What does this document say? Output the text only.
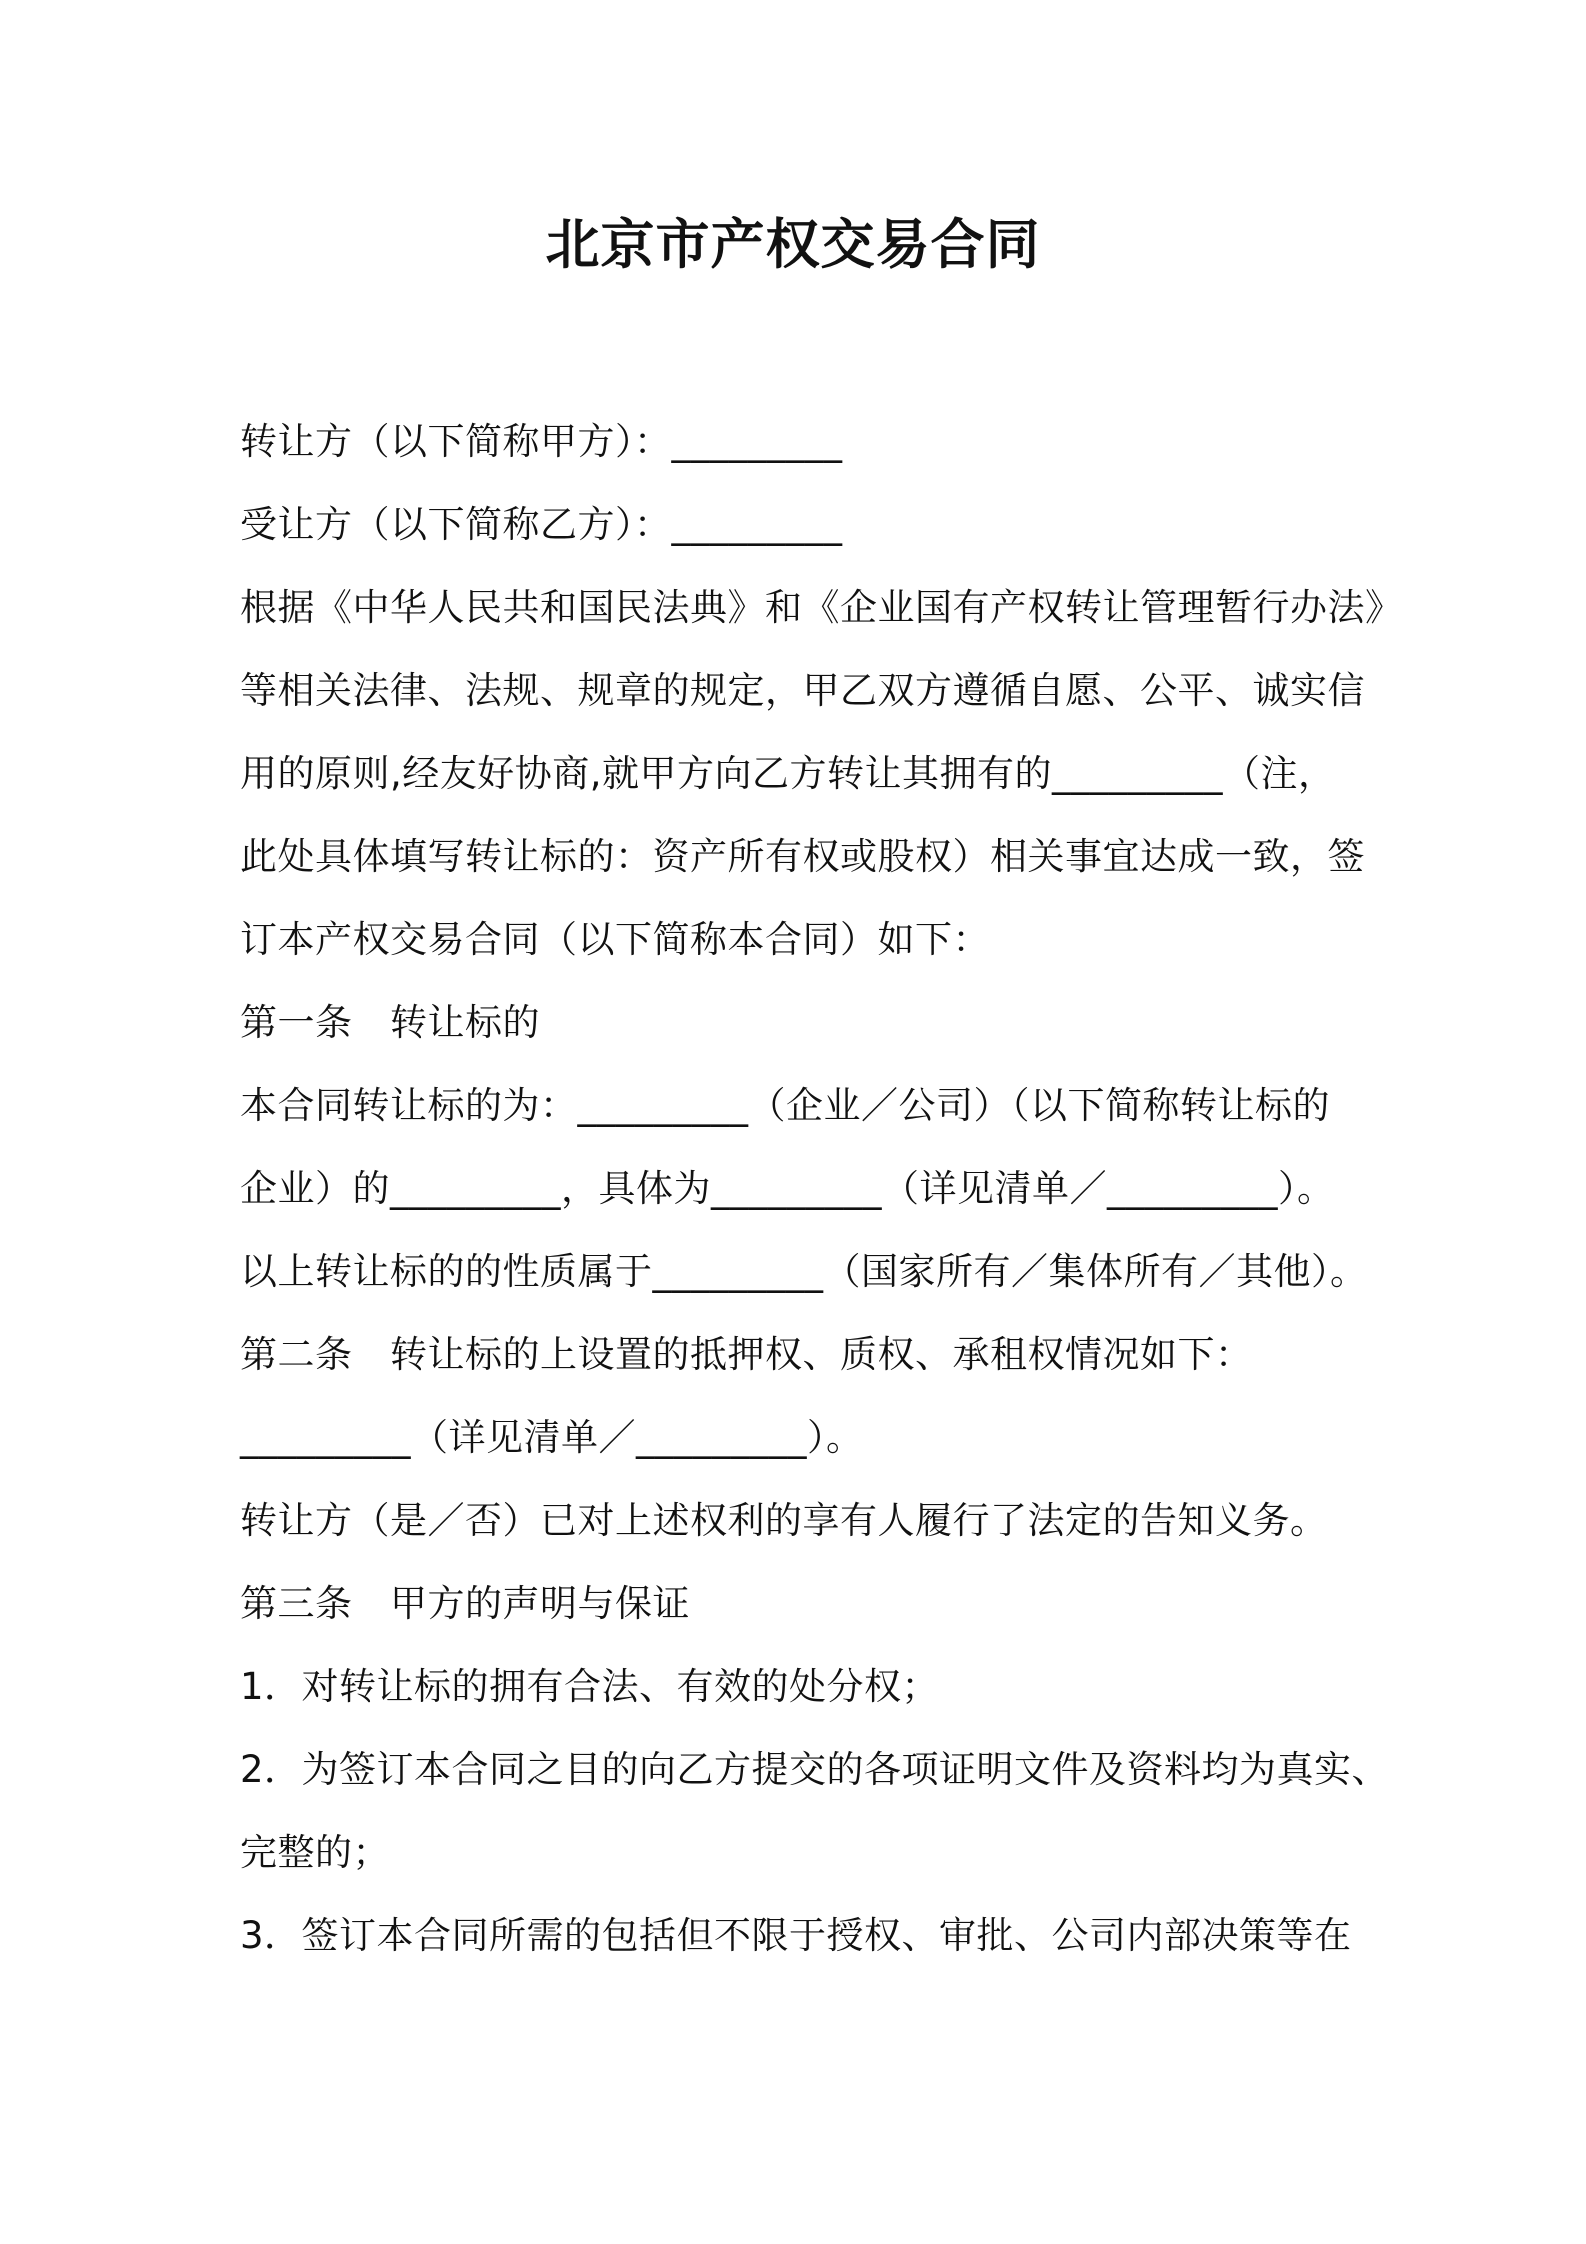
北京市产权交易合同
转让方（以下简称甲方）：_________
受让方（以下简称乙方）：_________
根据《中华人民共和国民法典》和《企业国有产权转让管理暂行办法》
等相关法律、法规、规章的规定，甲乙双方遵循自愿、公平、诚实信
用的原则,经友好协商,就甲方向乙方转让其拥有的_________（注，
此处具体填写转让标的：资产所有权或股权）相关事宜达成一致，签
订本产权交易合同（以下简称本合同）如下：
第一条　转让标的
本合同转让标的为：_________（企业／公司）（以下简称转让标的
企业）的_________，具体为_________（详见清单／_________）。
以上转让标的的性质属于_________（国家所有／集体所有／其他）。
第二条　转让标的上设置的抵押权、质权、承租权情况如下：
_________（详见清单／_________）。
转让方（是／否）已对上述权利的享有人履行了法定的告知义务。
第三条　甲方的声明与保证
1．对转让标的拥有合法、有效的处分权；
2．为签订本合同之目的向乙方提交的各项证明文件及资料均为真实、
完整的；
3．签订本合同所需的包括但不限于授权、审批、公司内部决策等在
